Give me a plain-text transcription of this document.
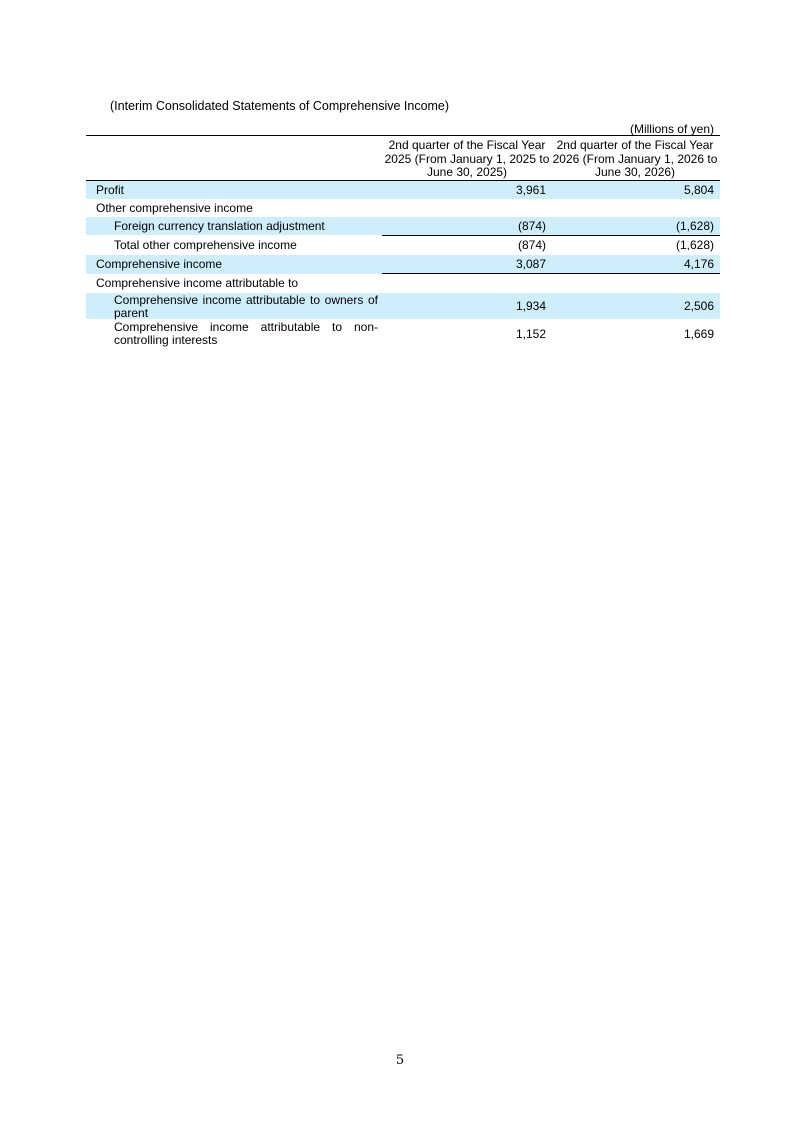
(Interim Consolidated Statements of Comprehensive Income)
(Millions of yen)
2nd quarter of the Fiscal Year 2025 (From January 1, 2025 to June 30, 2025)
2nd quarter of the Fiscal Year 2026 (From January 1, 2026 to June 30, 2026)
Profit	3,961	5,804
Other comprehensive income
Foreign currency translation adjustment	(874)	(1,628)
Total other comprehensive income	(874)	(1,628)
Comprehensive income	3,087	4,176
Comprehensive income attributable to
Comprehensive income attributable to owners of parent	1,934	2,506
Comprehensive income attributable to non-controlling interests	1,152	1,669
5
